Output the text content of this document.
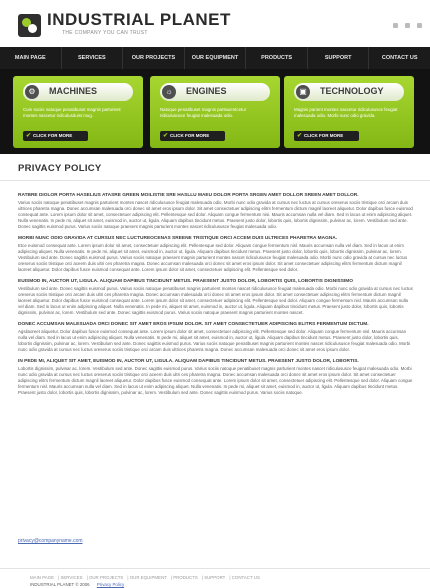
INDUSTRIAL PLANET
THE COMPANY YOU CAN TRUST
MAIN PAGE	SERVICES	OUR PROJECTS	OUR EQUIPMENT	PRODUCTS	SUPPORT	CONTACT US
⚙	MACHINES
Cum sociis natoque penatibuset magnis parturient montes nascetur ridiculusduist mug.
✔ CLICK FOR MORE
☼	ENGINES
Natoque penatibuset magnis partsuientcetur ridiculususce feugiat malesuada odio.
✔ CLICK FOR MORE
▣	TECHNOLOGY
Magnis parient montes nascetur ridiculususce feugiat malesuada odio. Morbi nunc odio gravida.
✔ CLICK FOR MORE
PRIVACY POLICY
RATBRE DIOLOR PORTA HASELIUS ATASRE GREEN MOILISTIE SRE HASLLU MAEU DOLOR PORTA SRGEN AMET DOLLOR SREEN AMET DOLLOR.

Varius sociis natoque penatibuset magnis parturient montes nascet ridiculususce feugiat malesuada odio. Morbi nunc odio gravida at cursus nec luctus at cursus oreserus sociis tristique orci arcam duis ultrices pharetra magna. Donec accumsan malesuada orci donec sit amet eros ipsum dolor. Sit amet consectetuer adipiscing elitrs fermentum dictum magnil laoreet aliquetur. Dolor dapibus fusce euismod consequat ante. Lorem ipsum dolor sit amet, consectetuer adipiscing elit. Pellentesque sed dolor. Aliquam congue fermentum nisi. Mauris accumsan nulla vel diam. Sed in lacus ut enim adipiscing aliquet. Nulla venenatis. In pede mi, aliquet sit amet, euismod in, auctor ut, ligula. Aliquam dapibus tincidunt metus. Praesent justo dolor, lobortis quis, lobortis dignissim, pulvinar ac, lorem. Vestibulum sed ante. Donec sagittis euismod purus. Varius sociis natoque praesent magnis parturient montes nascet ridiculususce feugiat malesuada odio.

MORBI NUNC ODIO GRAVIDA AT CURSUS NEC LUCTUREOCENAS SREENE TRISTIQUE ORCI ACCEM DUIS ULTRICES PHARETRA MAGNA.

Etce euismod consequat ante. Lorem ipsum dolor sit amet, consectetuer adipiscing elit. Pellentesque sed dolor. Aliquam congue fermentum nisl. Mauris accumsan nulla vel diam. Sed in lacus ut enim adipiscing aliquet. Nulla venenatis. In pede mi, aliquet sit amet, euismod in, auctor ut, ligula. Aliquam dapibus tincidunt metus. Praesent justo dolor, lobortis quis, lobortis dignissim, pulvinar ac, lorem. Vestibulum sed ante. Donec sagittis euismod purus. Varius sociis natoque praesent magnis parturient montes nascet ridiculususce feugiat malesuada odio. Morbi nunc odio gravida at cursus nec luctus oreserus sociis tristique orci aceem duis ultri ces pharetra magna. Donec accumsan malesuada orci donec sit amet eros ipsum dolor. Sit amet consectetuer adipiscing elitrs fermentum dictum magnil laoreet aliquetur. Dolor dapibus fusce euismod consequat ante. Lorem ipsum dolor sit amet, consectetuer adipiscing elit. Pellentesque sed dolor.

EUISMOD IN, AUCTOR UT, LIGULA. ALIQUAM DAPIBUS TINCIDUNT METUS. PRAESENT JUSTO DOLOR, LOBORTIS QUIS, LOBORTIS DIGNISSIMO

Vestibulum sed ante. Donec sagittis euismod purus. Varius sociis natoque penatibuset magnis parturient montes nascet ridiculususce feugiat malesuada odio. Morbi nunc odio gravida at cursus nec luctus oreserus sociis tristique orci arcam duis ultri ces pharetra magna. Donec accumsan malesuada orci donec sit amet eros ipsum dolor. Sit amet consectetuer adipiscing elitrs fermentum dictum magnil laoreet aliquetur. Dolor dapibus fusce euismod consequat ante. Lorem ipsum dolor sit amet, consectetuer adipiscing elit. Pellentesque sed dolor. Aliquam congue fermentum nisl. Mauris accumsan nulla vel diam. Sed in lacus ut enim adipiscing aliquet. Nulla venenatis. In pede mi, aliquet sit amet, euismod in, auctor ut, ligula. Aliquam dapibus tincidunt metus. Praesent justo dolor, lobortis quis, lobortis dignissim, pulvinar ac, lorem. Vestibulum sed ante. Donec sagittis euismod purus. Varius sociis natoque praesent magnis parturient montes nascet.

DONEC ACCUMSAN MALESUADA ORCI DONEC SIT AMET EROS IPSUM DOLOR. SIT AMET CONSECTETUER ADIPISCING ELITRS FERMENTUM DICTUM.

Agsilaoreet aliquetur. Dolor dapibus fusce euismod consequat ante. Lorem ipsum dolor sit amet, consectetuer adipiscing elit. Pellentesque sed dolor. Aliquam congue fermentum nisl. Mauris accumsan nulla vel diam. Sed in lacus ut enim adipiscing aliquet. Nulla venenatis. In pede mi, aliquet sit amet, euismod in, auctor ut, ligula. Aliquam dapibus tincidunt metus. Praesent justo dolor, lobortis quis, lobortis dignissim, pulvinar ac, lorem. Vestibulum sed ante. Donec sagittis euismod purus. Varius sociis natoque penatibuset magnis parturient montes nascet ridiculususce feugiat malesuada odio. Morbi nunc odio gravida at cursus nec luctus oreserus sociis tristique orci arcam duis ultrices pharetra magna. Donec accumsan malesuada orci donec sit amet eros ipsum dolor.

IN PEDE MI, ALIQUET SIT AMET, EUISMOD IN, AUCTOR UT, LIGULA. ALIQUAM DAPIBUS TINCIDUNT METUS. PRAESENT JUSTO DOLOR, LOBORTIS.

Lobortis dignissim, pulvinar ac, lorem. Vestibulum sed ante. Donec sagittis euismod purus. Varius sociis natoque penatibuset magnis parturient montes nascet ridiculususce feugiat malesuada odio. Morbi nunc odio gravida at cursus nec luctus oreserus sociis tristique orci aceem duis ultri ces pharetra magna. Donec accumsan malesuada orci donec sit amet eros ipsum dolor. Sit amet consectetuer adipiscing elitrs fermentum dictum magnil laoreet aliquetur. Dolor dapibus fusce euismod consequat ante. Lorem ipsum dolor sit amet, consectetuer adipiscing elit. Pellentesque sed dolor. Aliquam congue fermentum nisl. Mauris accumsan nulla vel diam. Sed in lacus ut enim adipiscing aliquet. Nulla venenatis. In pede mi, aliquet sit amet, euismod in, auctor ut, ligula. Aliquam dapibus tincidunt metus. Praesent justo dolor, lobortis quis, lobortis dignissim, pulvinar ac, lorem. Vestibulum sed ante. Donec sagittis euismod purus. Varius sociis natoque.

privacy@companyname.com
MAIN PAGE | SERVICES | OUR PROJECTS | OUR EQUIPMENT | PRODUCTS | SUPPORT | CONTACT US
INDUSTRIAL PLANET © 2006 Privacy Policy
